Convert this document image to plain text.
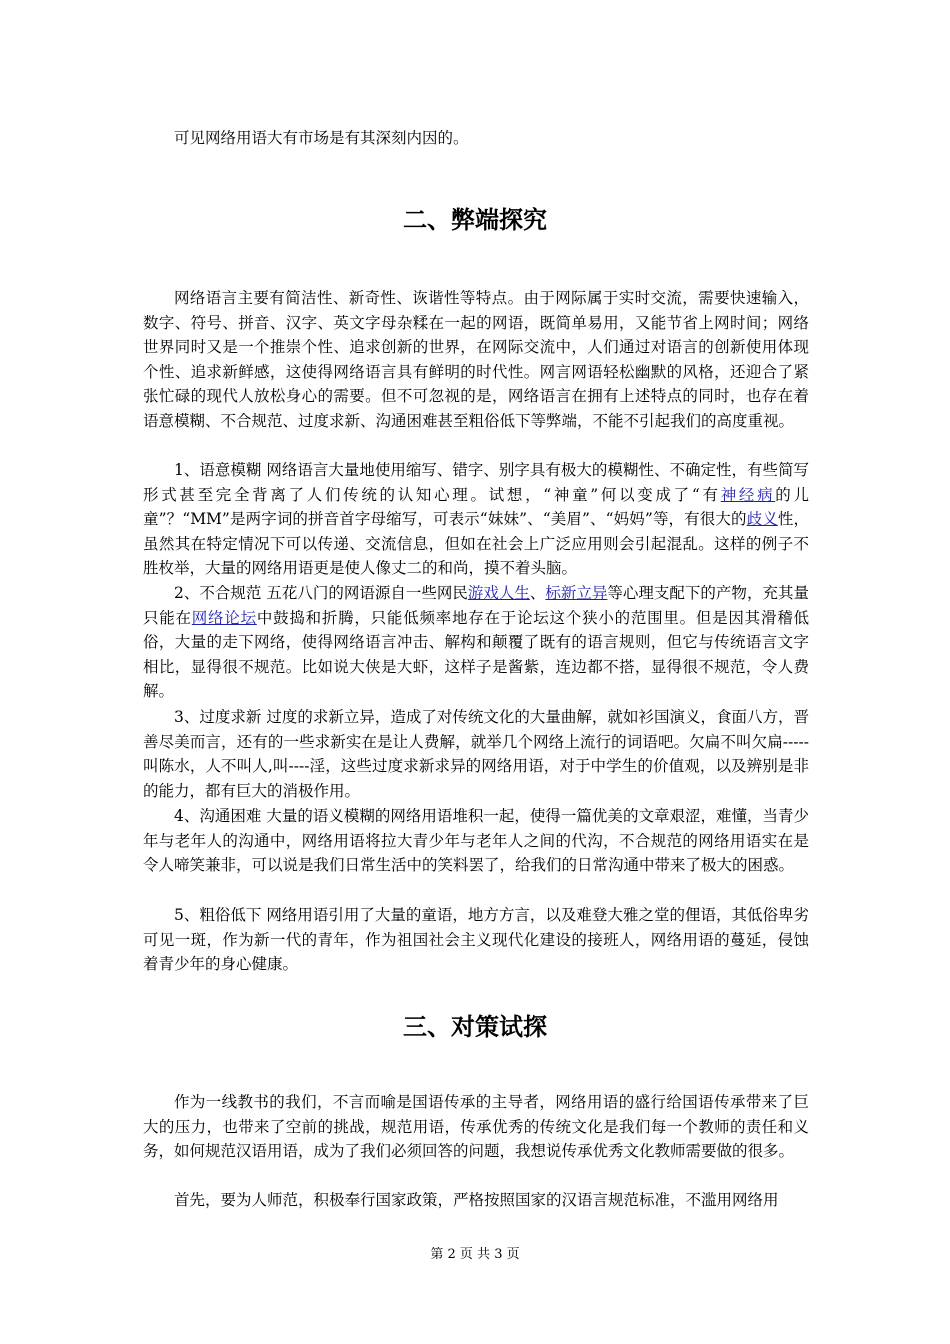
可见网络用语大有市场是有其深刻内因的。

二、弊端探究

网络语言主要有简洁性、新奇性、诙谐性等特点。由于网际属于实时交流，需要快速输入，数字、符号、拼音、汉字、英文字母杂糅在一起的网语，既简单易用，又能节省上网时间；网络世界同时又是一个推崇个性、追求创新的世界，在网际交流中，人们通过对语言的创新使用体现个性、追求新鲜感，这使得网络语言具有鲜明的时代性。网言网语轻松幽默的风格，还迎合了紧张忙碌的现代人放松身心的需要。但不可忽视的是，网络语言在拥有上述特点的同时，也存在着语意模糊、不合规范、过度求新、沟通困难甚至粗俗低下等弊端，不能不引起我们的高度重视。

1、语意模糊 网络语言大量地使用缩写、错字、别字具有极大的模糊性、不确定性，有些简写形式甚至完全背离了人们传统的认知心理。试想，“神童”何以变成了“有神经病的儿童”？“MM”是两字词的拼音首字母缩写，可表示“妹妹”、“美眉”、“妈妈”等，有很大的歧义性，虽然其在特定情况下可以传递、交流信息，但如在社会上广泛应用则会引起混乱。这样的例子不胜枚举，大量的网络用语更是使人像丈二的和尚，摸不着头脑。

2、不合规范 五花八门的网语源自一些网民游戏人生、标新立异等心理支配下的产物，充其量只能在网络论坛中鼓捣和折腾，只能低频率地存在于论坛这个狭小的范围里。但是因其滑稽低俗，大量的走下网络，使得网络语言冲击、解构和颠覆了既有的语言规则，但它与传统语言文字相比，显得很不规范。比如说大侠是大虾，这样子是酱紫，连边都不搭，显得很不规范，令人费解。

3、过度求新 过度的求新立异，造成了对传统文化的大量曲解，就如衫国演义，食面八方，晋善尽美而言，还有的一些求新实在是让人费解，就举几个网络上流行的词语吧。欠扁不叫欠扁-----叫陈水，人不叫人,叫----淫，这些过度求新求异的网络用语，对于中学生的价值观，以及辨别是非的能力，都有巨大的消极作用。

4、沟通困难 大量的语义模糊的网络用语堆积一起，使得一篇优美的文章艰涩，难懂，当青少年与老年人的沟通中，网络用语将拉大青少年与老年人之间的代沟，不合规范的网络用语实在是令人啼笑兼非，可以说是我们日常生活中的笑料罢了，给我们的日常沟通中带来了极大的困惑。

5、粗俗低下 网络用语引用了大量的童语，地方方言，以及难登大雅之堂的俚语，其低俗卑劣可见一斑，作为新一代的青年，作为祖国社会主义现代化建设的接班人，网络用语的蔓延，侵蚀着青少年的身心健康。

三、对策试探

作为一线教书的我们，不言而喻是国语传承的主导者，网络用语的盛行给国语传承带来了巨大的压力，也带来了空前的挑战，规范用语，传承优秀的传统文化是我们每一个教师的责任和义务，如何规范汉语用语，成为了我们必须回答的问题，我想说传承优秀文化教师需要做的很多。

首先，要为人师范，积极奉行国家政策，严格按照国家的汉语言规范标准，不滥用网络用

第 2 页 共 3 页
